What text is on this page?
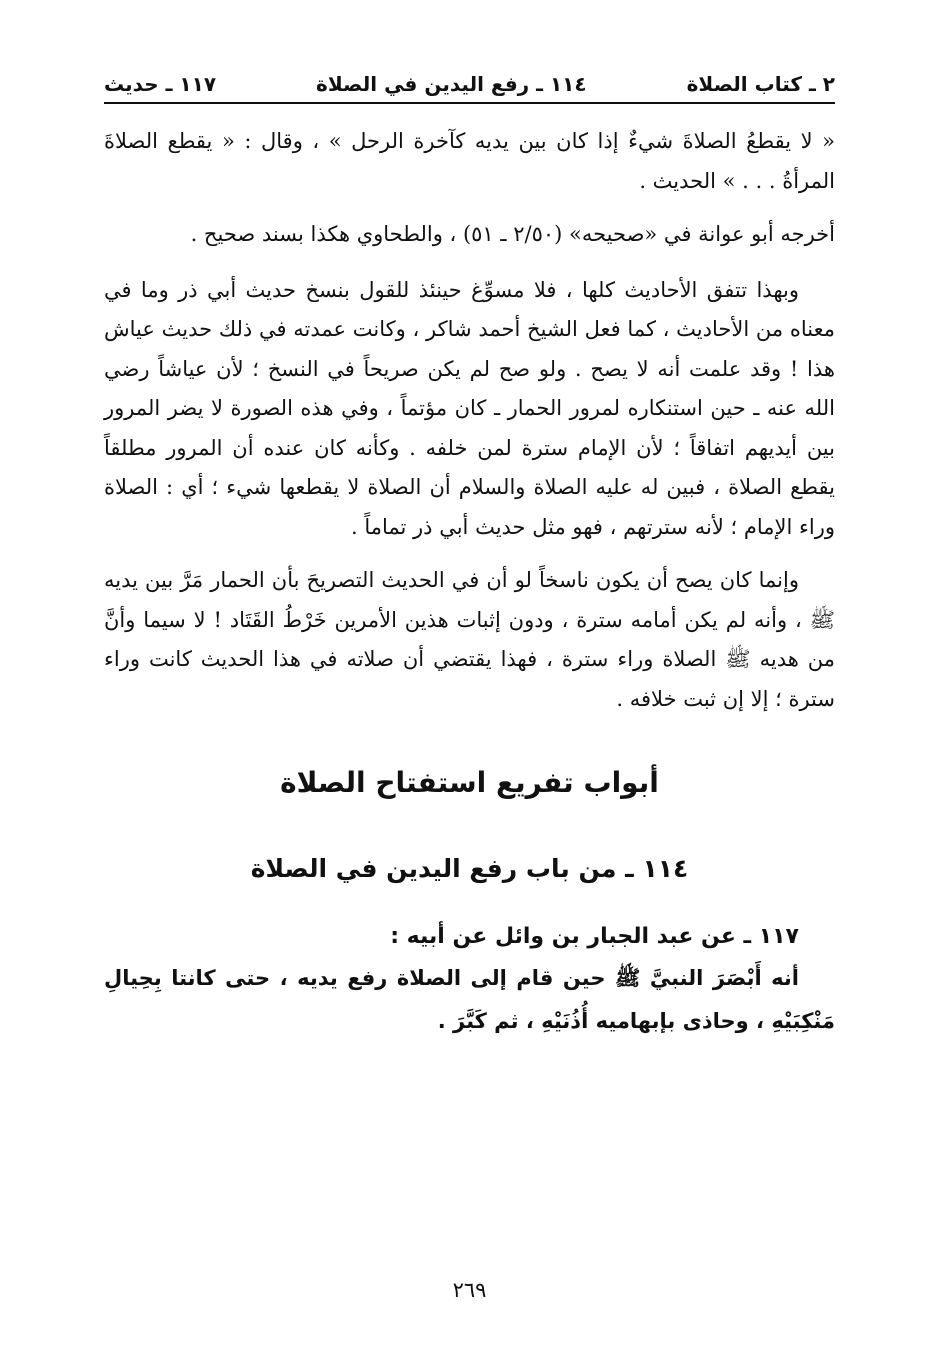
٢ ـ كتاب الصلاة
١١٤ ـ رفع اليدين في الصلاة
١١٧ ـ حديث

« لا يقطعُ الصلاةَ شيءٌ إذا كان بين يديه كآخرة الرحل » ، وقال : « يقطع الصلاةَ المرأةُ . . . » الحديث .

أخرجه أبو عوانة في «صحيحه» (٢/٥٠ ـ ٥١) ، والطحاوي هكذا بسند صحيح .

وبهذا تتفق الأحاديث كلها ، فلا مسوِّغ حينئذ للقول بنسخ حديث أبي ذر وما في معناه من الأحاديث ، كما فعل الشيخ أحمد شاكر ، وكانت عمدته في ذلك حديث عياش هذا ! وقد علمت أنه لا يصح . ولو صح لم يكن صريحاً في النسخ ؛ لأن عياشاً رضي الله عنه ـ حين استنكاره لمرور الحمار ـ كان مؤتماً ، وفي هذه الصورة لا يضر المرور بين أيديهم اتفاقاً ؛ لأن الإمام سترة لمن خلفه . وكأنه كان عنده أن المرور مطلقاً يقطع الصلاة ، فبين له عليه الصلاة والسلام أن الصلاة لا يقطعها شيء ؛ أي : الصلاة وراء الإمام ؛ لأنه سترتهم ، فهو مثل حديث أبي ذر تماماً .

وإنما كان يصح أن يكون ناسخاً لو أن في الحديث التصريحَ بأن الحمار مَرَّ بين يديه ﷺ ، وأنه لم يكن أمامه سترة ، ودون إثبات هذين الأمرين خَرْطُ القَتَاد ! لا سيما وأنَّ من هديه ﷺ الصلاة وراء سترة ، فهذا يقتضي أن صلاته في هذا الحديث كانت وراء سترة ؛ إلا إن ثبت خلافه .

أبواب تفريع استفتاح الصلاة
١١٤ ـ من باب رفع اليدين في الصلاة
١١٧ ـ عن عبد الجبار بن وائل عن أبيه :

أنه أَبْصَرَ النبيَّ ﷺ حين قام إلى الصلاة رفع يديه ، حتى كانتا بِحِيالِ مَنْكِبَيْهِ ، وحاذى بإبهاميه أُذُنَيْهِ ، ثم كَبَّرَ .

٢٦٩
